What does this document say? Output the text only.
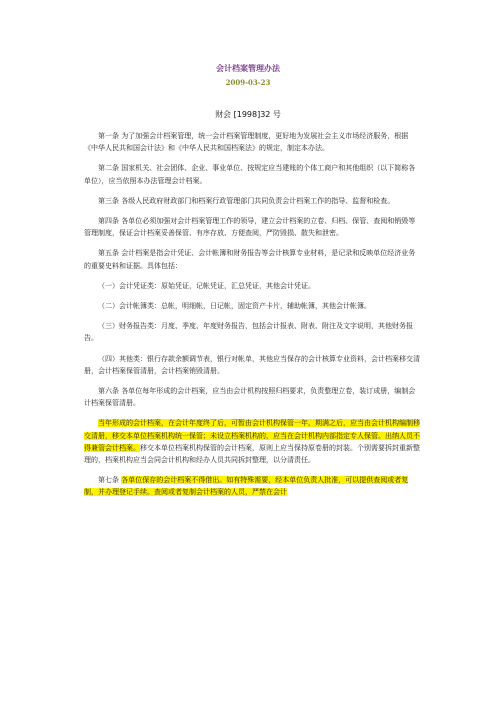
会计档案管理办法
2009-03-23
财会 [1998]32 号

第一条 为了加强会计档案管理，统一会计档案管理制度，更好地为发展社会主义市场经济服务，根据《中华人民共和国会计法》和《中华人民共和国档案法》的规定，制定本办法。

第二条 国家机关、社会团体、企业、事业单位、按规定应当建账的个体工商户和其他组织（以下简称各单位），应当依照本办法管理会计档案。

第三条 各级人民政府财政部门和档案行政管理部门共同负责会计档案工作的指导、监督和检查。

第四条 各单位必须加强对会计档案管理工作的领导，建立会计档案的立卷、归档、保管、查阅和销毁等管理制度，保证会计档案妥善保管、有序存放、方便查阅，严防毁损、散失和泄密。

第五条 会计档案是指会计凭证、会计帐簿和财务报告等会计核算专业材料，是记录和反映单位经济业务的重要史料和证据。具体包括：

（一）会计凭证类：原始凭证，记帐凭证，汇总凭证，其他会计凭证。

（二）会计帐簿类：总帐，明细帐，日记帐，固定资产卡片，辅助帐簿，其他会计帐簿。

（三）财务报告类：月度、季度、年度财务报告，包括会计报表、附表、附注及文字说明，其他财务报告。

（四）其他类：银行存款余额调节表，银行对帐单，其他应当保存的会计核算专业资料，会计档案移交清册，会计档案保管清册，会计档案销毁清册。

第六条 各单位每年形成的会计档案，应当由会计机构按照归档要求，负责整理立卷，装订成册，编制会计档案保管清册。

当年形成的会计档案，在会计年度终了后，可暂由会计机构保管一年，期满之后，应当由会计机构编制移交清册，移交本单位档案机构统一保管；未设立档案机构的，应当在会计机构内部指定专人保管。出纳人员不得兼管会计档案。移交本单位档案机构保管的会计档案，原则上应当保持原卷册的封装。个别需要拆封重新整理的，档案机构应当会同会计机构和经办人员共同拆封整理，以分清责任。

第七条 各单位保存的会计档案不得借出。如有特殊需要，经本单位负责人批准，可以提供查阅或者复制，并办理登记手续。查阅或者复制会计档案的人员，严禁在会计
